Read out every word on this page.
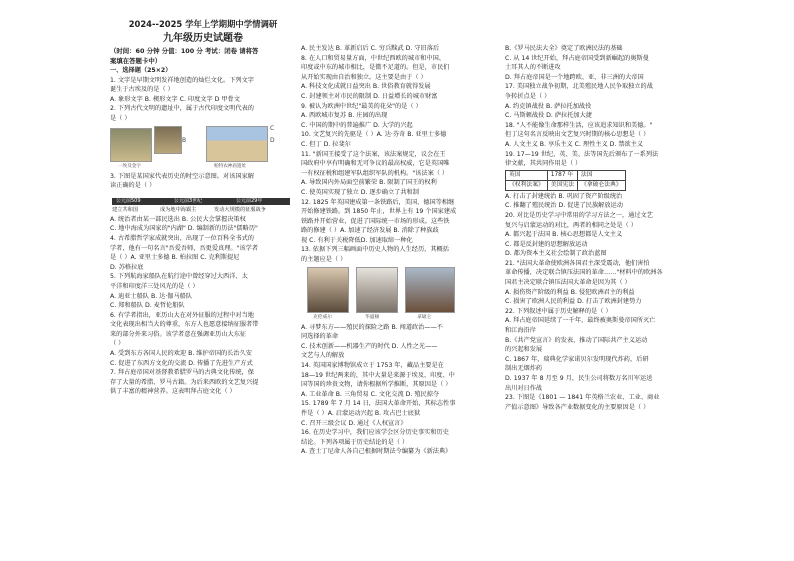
2024--2025 学年上学期期中学情调研

九年级历史试题卷

（时间：60 分钟 分值：100 分 考试：闭卷 请将答

案填在答题卡中）

一、选择题（25×2）

1. 文字是早期文明发祥地创造的灿烂文化。下列文字

诞生于古埃及的是（ ）

A. 象形文字 B. 楔形文字 C. 印度文字 D 甲骨文

2. 下列古代文明的遗址中，属于古代印度文明代表的

是（ ）

B
C
D
一埃及金字	帕特农神庙遗址

3. 下图是某国家代表历史的时空示意图。对该国家解

读正确的是（ ）

公元前509	公元前3世纪	公元前29年
建立共和国	成为地中海霸主	发动大规模的征服战争

A. 统治者由某一部民选出 B. 公民大会掌握决策权

C. 地中海成为国家的"内湖" D. 编制新的历法"儒略历"

4. 古希腊哲学家成就突出，出现了一位百科全书式的

学者，他有一句名言"吾爱吾师，吾更爱真理。"该学者

是（ ）A. 亚里士多德 B. 柏拉图 C. 克利斯提尼

D. 苏格拉底

5. 下列航海家船队在航行途中曾经穿过大西洋、太

平洋和印度洋三处风光的是（ ）

A. 迪亚士船队 B. 达·伽马船队

C. 郑和船队 D. 麦哲伦船队

6. 有学者指出，亚历山大在对外征服的过程中对当地

文化表现出相当大的尊重，东方人也愿意接纳征服者带

来的部分外来习俗。该学者意在强调亚历山大东征

（ ）

A. 受到东方各国人民的欢迎 B. 维护帝国的长治久安

C. 促进了东西方文化的交流 D. 传播了先进生产方式

7. 拜占庭帝国对基督教希腊罗马的古典文化传统，保

存了大量的希腊、罗马古籍。为后来西欧的文艺复兴提

供了丰富的精神营养。这表明拜占庭文化（ ）

A. 民主发达 B. 革新启后 C. 穷兵黩武 D. 守旧落后

8. 在人口和贸易量方面，中世纪西欧的城市和中国、

印度或中东的城市相比，是微不足道的。但是，市民们

从开始实现由自治和独立。这主要是由于（ ）

A. 科技文化成就日益突出 B. 世俗教育就得发展

C. 封建领主对市民的限制 D. 日益增长的城市财富

9. 被认为欧洲中世纪"最美的花朵"的是（ ）

A. 西欧城市复苏 B. 庄园的出现

C. 中国的期中的普遍推广 D. 大学的兴起

10. 文艺复兴的先驱是（ ）A. 达·芬奇 B. 亚里士多德

C. 但丁 D. 拉斐尔

11. "新国王接受了这个法案，该法案规定，议会在王

国政府中享有明确和无可争议的最高权威，它是英国唯

一有权征税和组建军队组织军队的机构。"该法案（ ）

A. 导致国内外局面空前繁荣 B. 限制了国王的权利

C. 使英国实现了独立 D. 逐步确立了共和制

12. 1825 年英国建成第一条铁路后，美国、德国等相继

开始修建铁路。到 1850 年止，世界上有 19 个国家建成

铁路并开始营业，促进了国际统一市场的形成。这些铁

路的修建（ ）A. 加速了经济发展 B. 消除了种族歧

视 C. 有利于关税降低D. 加速取缔一种化

13. 依据下列三幅画面中历史人物的人生经历，其概括

的主题应是（ ）

克伦威尔	华盛顿	拿破仑

A. 寻梦东方——殖民的探险之路 B. 闯道政治——不

同选择的革命

C. 技术创新——机器生产的时代 D. 人性之光——

文艺与人的解放

14. 英国国家博物馆成立于 1753 年，藏品主要是在

18—19 世纪两来的，其中大量是来源于埃及、印度、中

国等国的珍贵文物，请你根据所学推断，其原因是（ ）

A. 工业革命 B. 三角贸易 C. 文化交流 D. 殖民掠夺

15. 1789 年 7 月 14 日，法国大革命开始，其标志性事

件是（ ）A. 启蒙运动兴起 B. 攻占巴士底狱

C. 召开三级会议 D. 通过《人权宣言》

16. 在历史学习中，我们应该学会区分历史事实和历史

结论。下列各项属于历史结论的是（ ）

A. 查士丁尼命人各自己根据时期法令编纂为《新法典》

B.《罗马民法大全》奠定了欧洲民法的基础

C. 从 14 世纪开始，拜占庭帝国受到新崛起的奥斯曼

土耳其人的不断进攻

D. 拜占庭帝国是一个地跨欧、亚、非三洲的大帝国

17. 美国独立战争初期，北美殖民地人民争取独立的战

争转折点是（ ）

A. 约克镇战役 B. 萨拉托加战役

C. 马斯顿战役 D. 萨拉托加大捷

18. "人不能像生命那样生活，应该追求知识和美德。"

但丁这句名言反映出文艺复兴时期的核心思想是（ ）

A. 人文主义 B. 享乐主义 C. 理性主义 D. 禁欲主义

19. 17—19 世纪，英、美、法等国先后颁布了一系列法

律文献，其共同作用是（ ）

英国	1787 年	法国
《权利法案》	美国宪法	《拿破仑法典》

A. 打击了封建统治 B. 巩固了资产阶级统治

C. 推翻了殖民统治 D. 促进了民族解放运动

20. 对比是历史学习中常用的学习方法之一，通过文艺

复兴与启蒙运动的对比，两者的相同之处是（ ）

A. 都兴起于法国 B. 核心思想都是人文主义

C. 都是反封建的思想解放运动

D. 都为资本主义社会绘制了政治蓝图

21. "法国大革命使欧洲各国君主深受震动，他们害怕

革命传播，决定联合镇压法国的革命……"材料中的欧洲各

国君主决定联合镇压法国大革命是因为其（ ）

A. 损伤资产阶级的利益 B. 侵犯欧洲君主的利益

C. 损害了欧洲人民的利益 D. 打击了欧洲封建势力

22. 下列叙述中属于历史解释的是（ ）

A. 拜占庭帝国延续了一千年，最终被奥斯曼帝国所灭亡

和江海沿岸

B.《共产党宣言》的发表，推动了国际共产主义运动

的兴起和发展

C. 1867 年，瑞典化学家诺贝尔发明现代炸药，后研

制出无烟炸药

D. 1937 年 8 月至 9 月，民生公司将数万名川军运送

出川对日作战

23. 下图是《1801 — 1841 年英格兰农业、工业、商业

产值示意图》导致各产业数据变化的主要原因是（ ）
